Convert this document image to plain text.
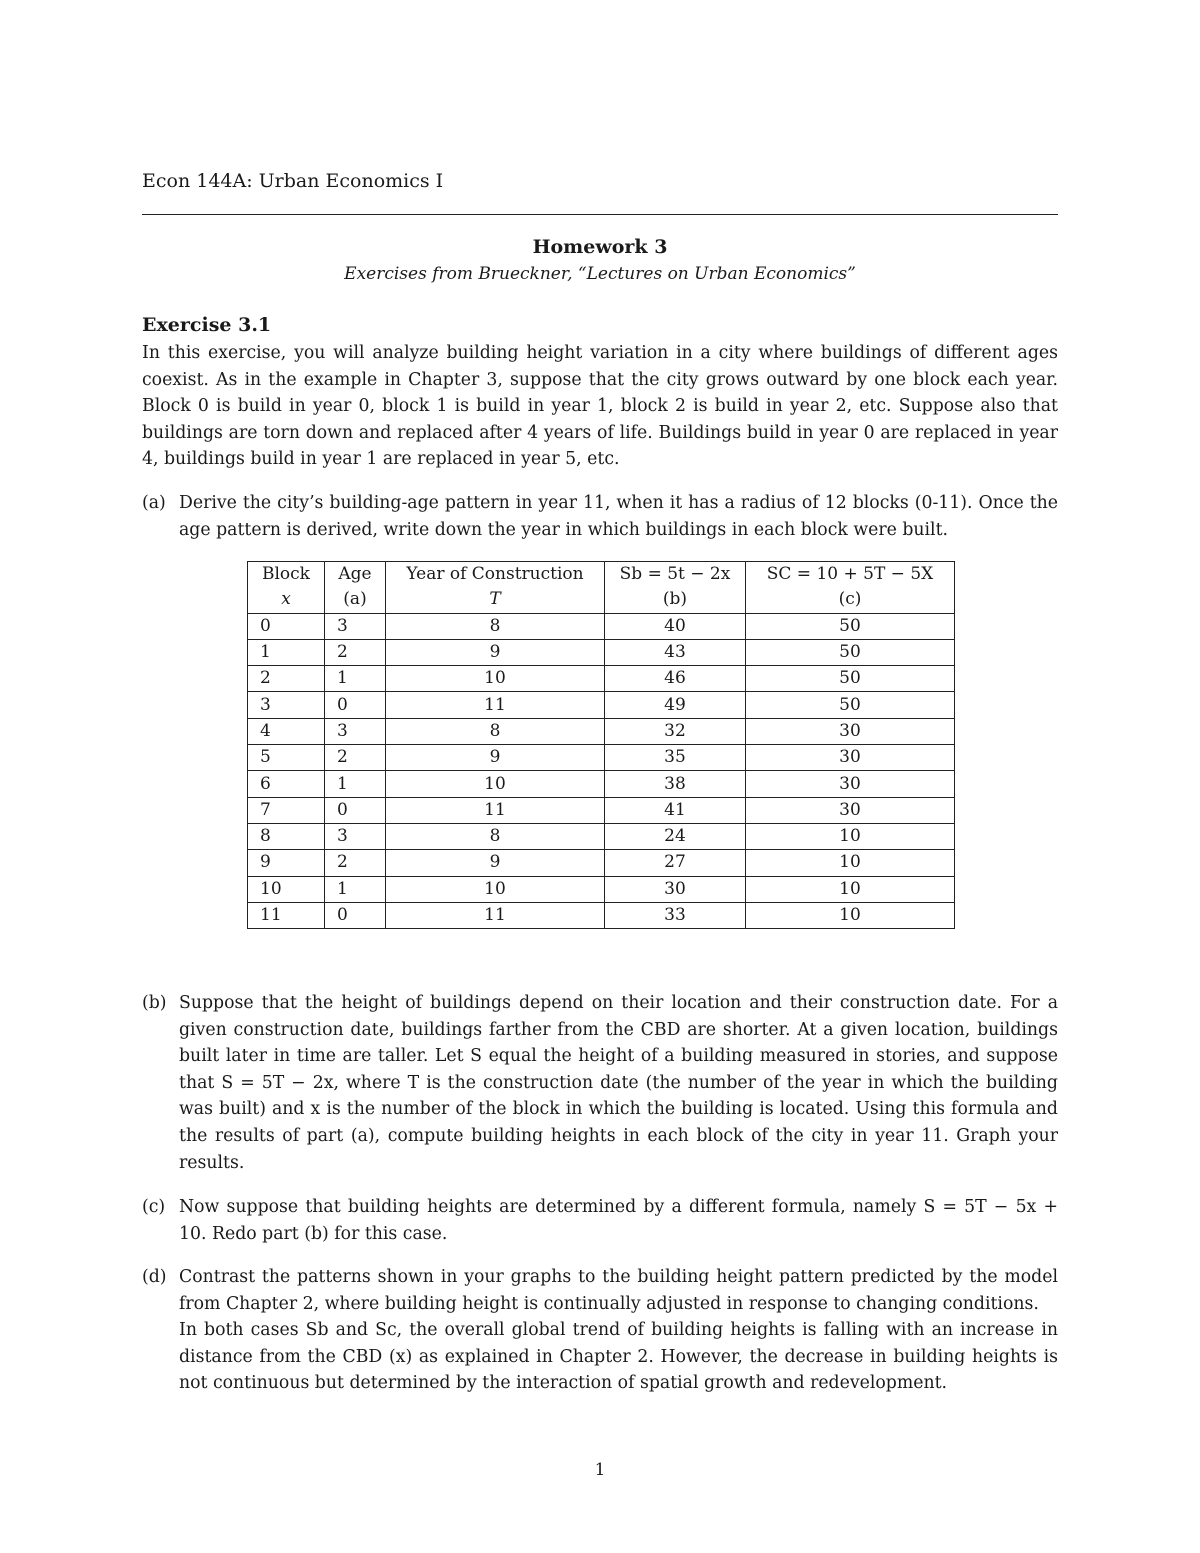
Econ 144A: Urban Economics I
Homework 3
Exercises from Brueckner, “Lectures on Urban Economics”
Exercise 3.1
In this exercise, you will analyze building height variation in a city where buildings of different ages coexist. As in the example in Chapter 3, suppose that the city grows outward by one block each year. Block 0 is build in year 0, block 1 is build in year 1, block 2 is build in year 2, etc. Suppose also that buildings are torn down and replaced after 4 years of life. Buildings build in year 0 are replaced in year 4, buildings build in year 1 are replaced in year 5, etc.
(a) Derive the city’s building-age pattern in year 11, when it has a radius of 12 blocks (0-11). Once the age pattern is derived, write down the year in which buildings in each block were built.
Block	Age	Year of Construction	Sb = 5t − 2x	SC = 10 + 5T − 5X
x	(a)	T	(b)	(c)
0	3	8	40	50
1	2	9	43	50
2	1	10	46	50
3	0	11	49	50
4	3	8	32	30
5	2	9	35	30
6	1	10	38	30
7	0	11	41	30
8	3	8	24	10
9	2	9	27	10
10	1	10	30	10
11	0	11	33	10
(b) Suppose that the height of buildings depend on their location and their construction date. For a given construction date, buildings farther from the CBD are shorter. At a given location, buildings built later in time are taller. Let S equal the height of a building measured in stories, and suppose that S = 5T − 2x, where T is the construction date (the number of the year in which the building was built) and x is the number of the block in which the building is located. Using this formula and the results of part (a), compute building heights in each block of the city in year 11. Graph your results.
(c) Now suppose that building heights are determined by a different formula, namely S = 5T − 5x + 10. Redo part (b) for this case.
(d) Contrast the patterns shown in your graphs to the building height pattern predicted by the model from Chapter 2, where building height is continually adjusted in response to changing conditions.
In both cases Sb and Sc, the overall global trend of building heights is falling with an increase in distance from the CBD (x) as explained in Chapter 2. However, the decrease in building heights is not continuous but determined by the interaction of spatial growth and redevelopment.
1
